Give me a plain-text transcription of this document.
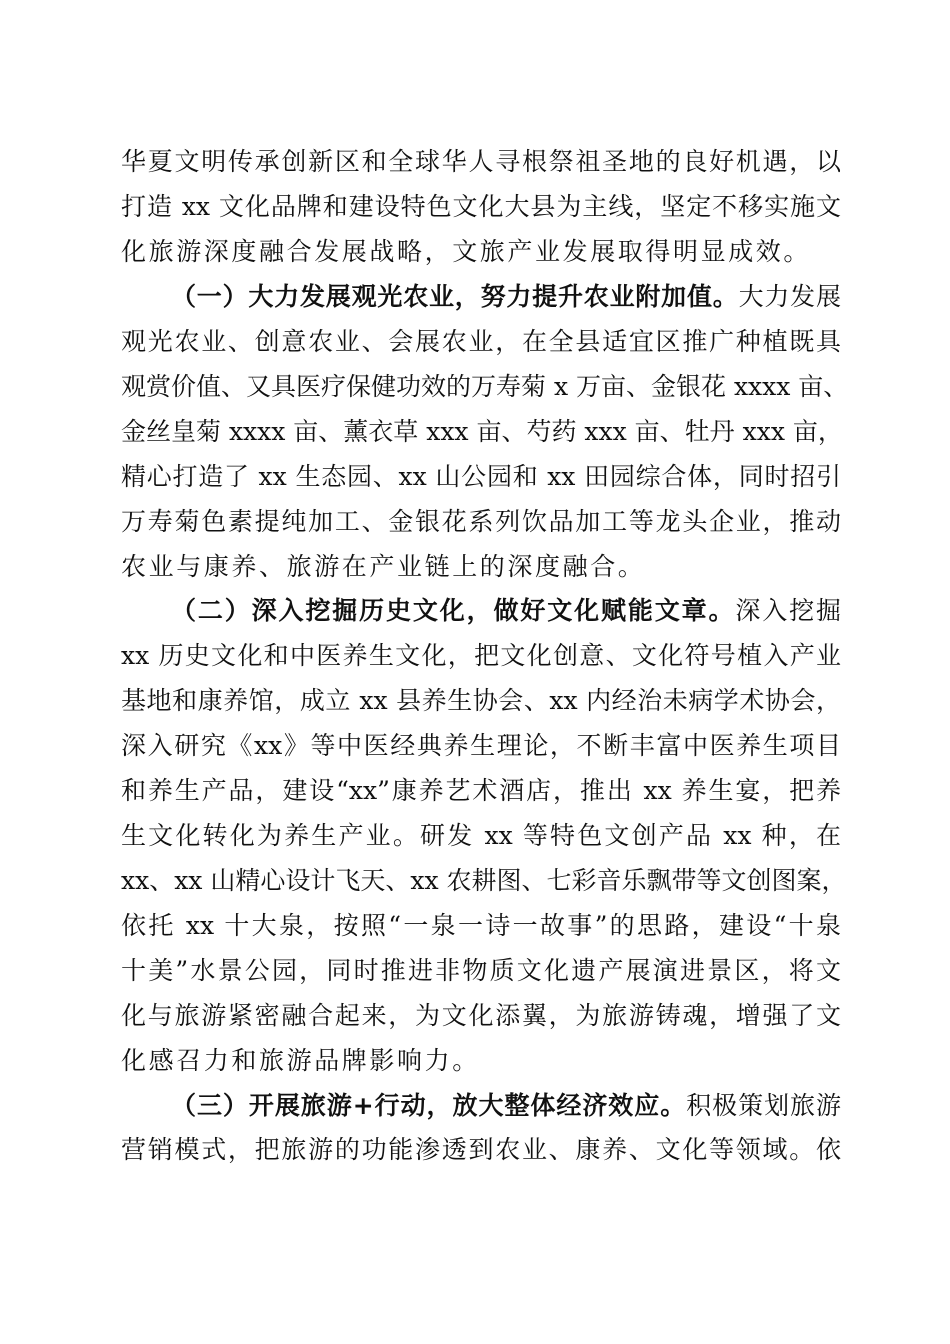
华夏文明传承创新区和全球华人寻根祭祖圣地的良好机遇，以
打造 xx 文化品牌和建设特色文化大县为主线，坚定不移实施文
化旅游深度融合发展战略，文旅产业发展取得明显成效。
（一）大力发展观光农业，努力提升农业附加值。大力发展
观光农业、创意农业、会展农业，在全县适宜区推广种植既具
观赏价值、又具医疗保健功效的万寿菊 x 万亩、金银花 xxxx 亩、
金丝皇菊 xxxx 亩、薰衣草 xxx 亩、芍药 xxx 亩、牡丹 xxx 亩，
精心打造了 xx 生态园、xx 山公园和 xx 田园综合体，同时招引
万寿菊色素提纯加工、金银花系列饮品加工等龙头企业，推动
农业与康养、旅游在产业链上的深度融合。
（二）深入挖掘历史文化，做好文化赋能文章。深入挖掘
xx 历史文化和中医养生文化，把文化创意、文化符号植入产业
基地和康养馆，成立 xx 县养生协会、xx 内经治未病学术协会，
深入研究《xx》等中医经典养生理论，不断丰富中医养生项目
和养生产品，建设“xx”康养艺术酒店，推出 xx 养生宴，把养
生文化转化为养生产业。研发 xx 等特色文创产品 xx 种，在
xx、xx 山精心设计飞天、xx 农耕图、七彩音乐飘带等文创图案，
依托 xx 十大泉，按照“一泉一诗一故事”的思路，建设“十泉
十美”水景公园，同时推进非物质文化遗产展演进景区，将文
化与旅游紧密融合起来，为文化添翼，为旅游铸魂，增强了文
化感召力和旅游品牌影响力。
（三）开展旅游+行动，放大整体经济效应。积极策划旅游
营销模式，把旅游的功能渗透到农业、康养、文化等领域。依
